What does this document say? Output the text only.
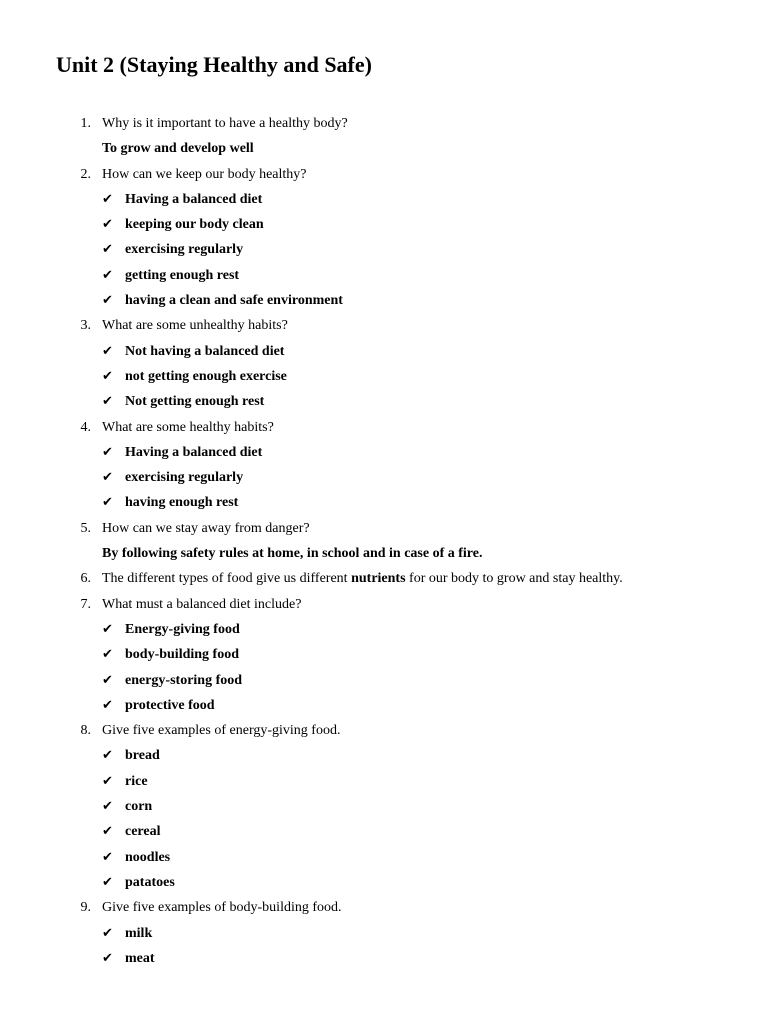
Unit 2 (Staying Healthy and Safe)
1. Why is it important to have a healthy body?
To grow and develop well
2. How can we keep our body healthy?
✔ Having a balanced diet
✔ keeping our body clean
✔ exercising regularly
✔ getting enough rest
✔ having a clean and safe environment
3. What are some unhealthy habits?
✔ Not having a balanced diet
✔ not getting enough exercise
✔ Not getting enough rest
4. What are some healthy habits?
✔ Having a balanced diet
✔ exercising regularly
✔ having enough rest
5. How can we stay away from danger?
By following safety rules at home, in school and in case of a fire.
6. The different types of food give us different nutrients for our body to grow and stay healthy.
7. What must a balanced diet include?
✔ Energy-giving food
✔ body-building food
✔ energy-storing food
✔ protective food
8. Give five examples of energy-giving food.
✔ bread
✔ rice
✔ corn
✔ cereal
✔ noodles
✔ patatoes
9. Give five examples of body-building food.
✔ milk
✔ meat
